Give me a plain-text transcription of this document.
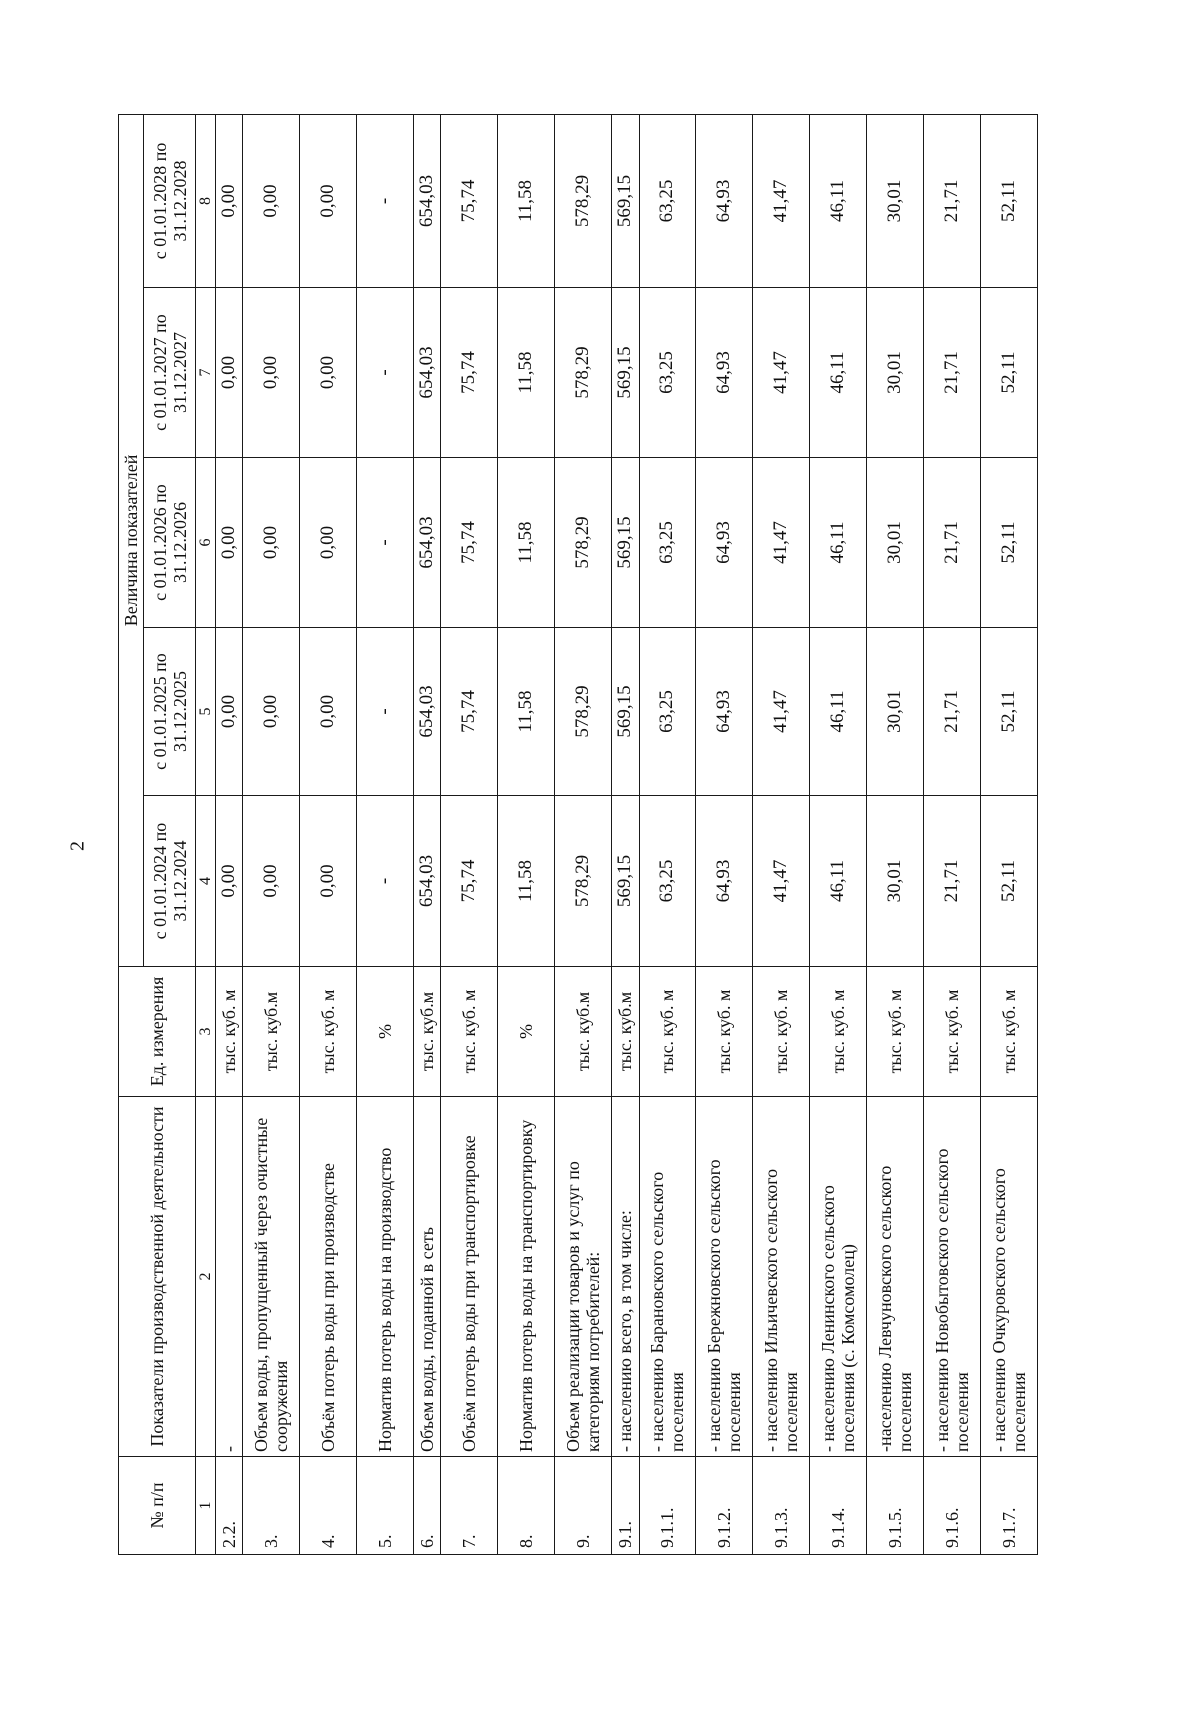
2
№ п/п	Показатели производственной деятельности	Ед. измерения	Величина показателей				
			с 01.01.2024 по 31.12.2024	с 01.01.2025 по 31.12.2025	с 01.01.2026 по 31.12.2026	с 01.01.2027 по 31.12.2027	с 01.01.2028 по 31.12.2028
1	2	3	4	5	6	7	8
2.2.	-	тыс. куб. м	0,00	0,00	0,00	0,00	0,00
3.	Объем воды, пропущенный через очистные сооружения	тыс. куб.м	0,00	0,00	0,00	0,00	0,00
4.	Объём потерь воды при производстве	тыс. куб. м	0,00	0,00	0,00	0,00	0,00
5.	Норматив потерь воды на производство	%	-	-	-	-	-
6.	Объем воды, поданной в сеть	тыс. куб.м	654,03	654,03	654,03	654,03	654,03
7.	Объём потерь воды при транспортировке	тыс. куб. м	75,74	75,74	75,74	75,74	75,74
8.	Норматив потерь воды на транспортировку	%	11,58	11,58	11,58	11,58	11,58
9.	Объем реализации товаров и услуг по категориям потребителей:	тыс. куб.м	578,29	578,29	578,29	578,29	578,29
9.1.	- населению всего, в том числе:	тыс. куб.м	569,15	569,15	569,15	569,15	569,15
9.1.1.	- населению Барановского сельского поселения	тыс. куб. м	63,25	63,25	63,25	63,25	63,25
9.1.2.	- населению Бережновского сельского поселения	тыс. куб. м	64,93	64,93	64,93	64,93	64,93
9.1.3.	- населению Ильичевского сельского поселения	тыс. куб. м	41,47	41,47	41,47	41,47	41,47
9.1.4.	- населению Ленинского сельского поселения (с. Комсомолец)	тыс. куб. м	46,11	46,11	46,11	46,11	46,11
9.1.5.	-населению Левчуновского сельского поселения	тыс. куб. м	30,01	30,01	30,01	30,01	30,01
9.1.6.	- населению Новобытовского сельского поселения	тыс. куб. м	21,71	21,71	21,71	21,71	21,71
9.1.7.	- населению Очкуровского сельского поселения	тыс. куб. м	52,11	52,11	52,11	52,11	52,11
